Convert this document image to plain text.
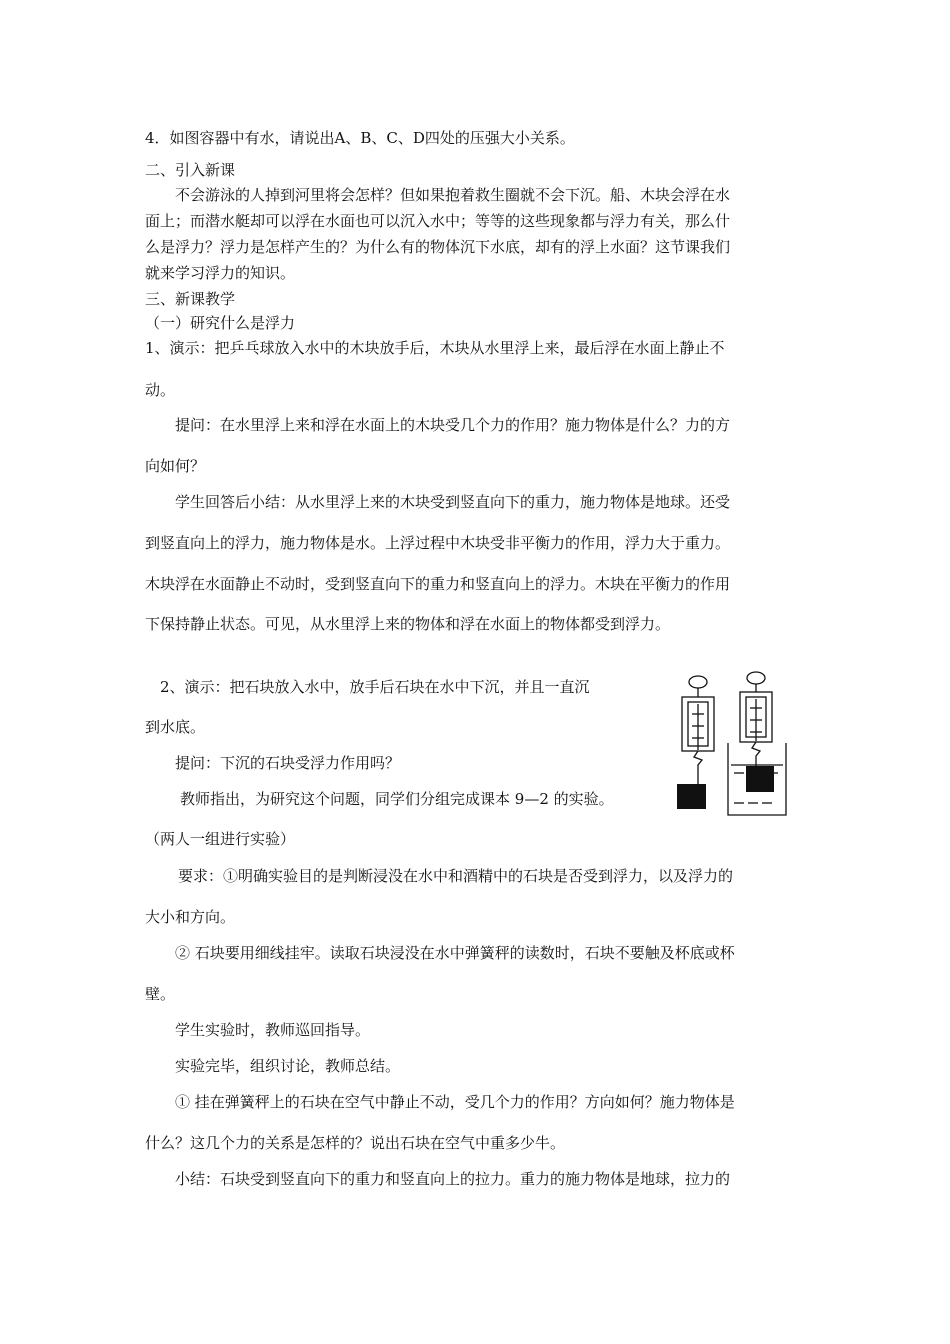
4．如图容器中有水，请说出A、B、C、D四处的压强大小关系。
二、引入新课
不会游泳的人掉到河里将会怎样？但如果抱着救生圈就不会下沉。船、木块会浮在水
面上；而潜水艇却可以浮在水面也可以沉入水中；等等的这些现象都与浮力有关，那么什
么是浮力？浮力是怎样产生的？为什么有的物体沉下水底，却有的浮上水面？这节课我们
就来学习浮力的知识。
三、新课教学
（一）研究什么是浮力
1、演示：把乒乓球放入水中的木块放手后，木块从水里浮上来，最后浮在水面上静止不
动。
提问：在水里浮上来和浮在水面上的木块受几个力的作用？施力物体是什么？力的方
向如何？
学生回答后小结：从水里浮上来的木块受到竖直向下的重力，施力物体是地球。还受
到竖直向上的浮力，施力物体是水。上浮过程中木块受非平衡力的作用，浮力大于重力。
木块浮在水面静止不动时，受到竖直向下的重力和竖直向上的浮力。木块在平衡力的作用
下保持静止状态。可见，从水里浮上来的物体和浮在水面上的物体都受到浮力。
2、演示：把石块放入水中，放手后石块在水中下沉，并且一直沉
到水底。
提问：下沉的石块受浮力作用吗？
教师指出，为研究这个问题，同学们分组完成课本 9—2 的实验。
（两人一组进行实验）
要求：①明确实验目的是判断浸没在水中和酒精中的石块是否受到浮力，以及浮力的
大小和方向。
② 石块要用细线挂牢。读取石块浸没在水中弹簧秤的读数时，石块不要触及杯底或杯
壁。
学生实验时，教师巡回指导。
实验完毕，组织讨论，教师总结。
① 挂在弹簧秤上的石块在空气中静止不动，受几个力的作用？方向如何？施力物体是
什么？这几个力的关系是怎样的？说出石块在空气中重多少牛。
小结：石块受到竖直向下的重力和竖直向上的拉力。重力的施力物体是地球，拉力的
